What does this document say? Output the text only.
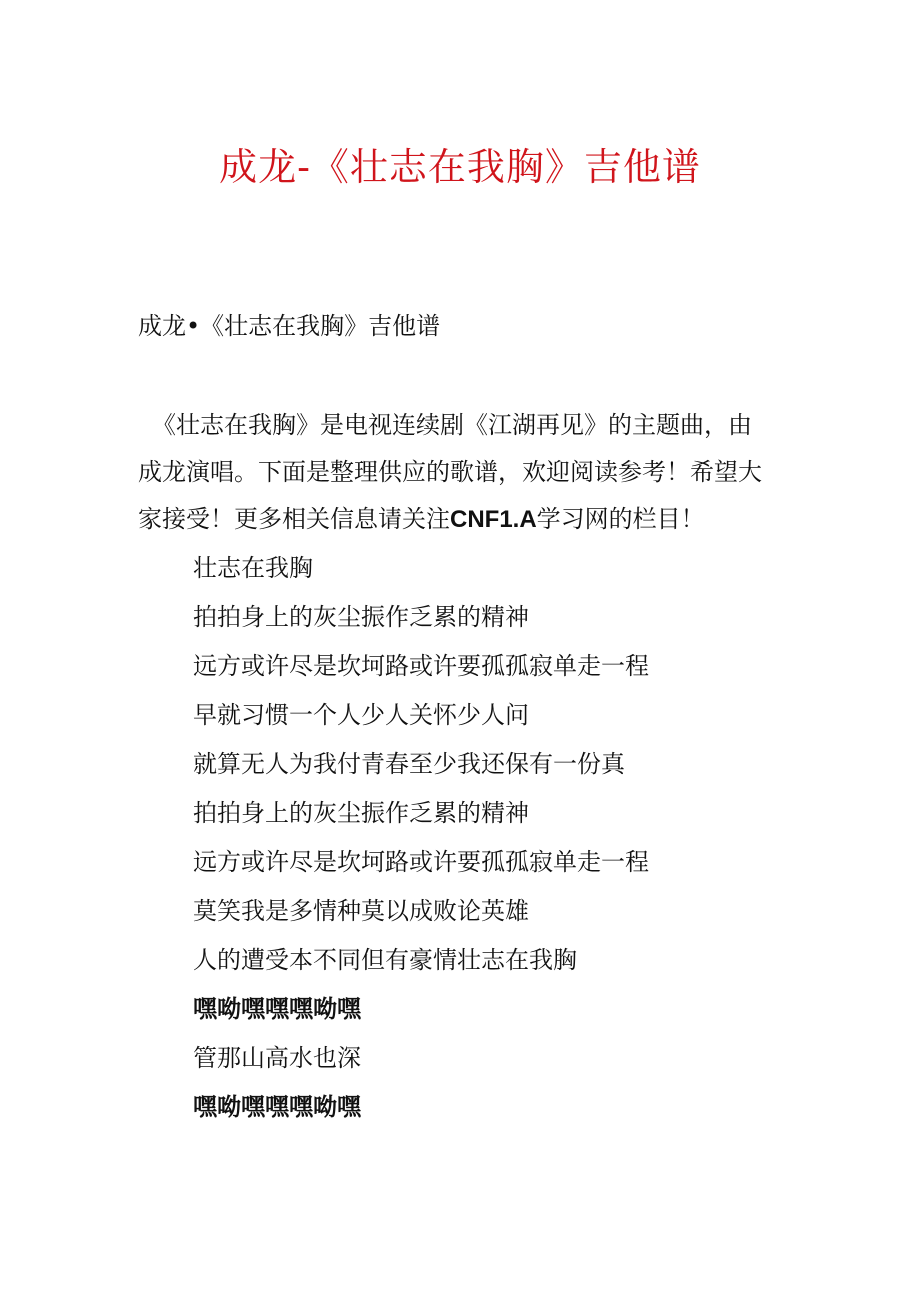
成龙-《壮志在我胸》吉他谱
成龙•《壮志在我胸》吉他谱
《壮志在我胸》是电视连续剧《江湖再见》的主题曲，由
成龙演唱。下面是整理供应的歌谱，欢迎阅读参考！希望大
家接受！更多相关信息请关注CNF1.A学习网的栏目！
壮志在我胸
拍拍身上的灰尘振作乏累的精神
远方或许尽是坎坷路或许要孤孤寂单走一程
早就习惯一个人少人关怀少人问
就算无人为我付青春至少我还保有一份真
拍拍身上的灰尘振作乏累的精神
远方或许尽是坎坷路或许要孤孤寂单走一程
莫笑我是多情种莫以成败论英雄
人的遭受本不同但有豪情壮志在我胸
嘿呦嘿嘿嘿呦嘿
管那山高水也深
嘿呦嘿嘿嘿呦嘿
